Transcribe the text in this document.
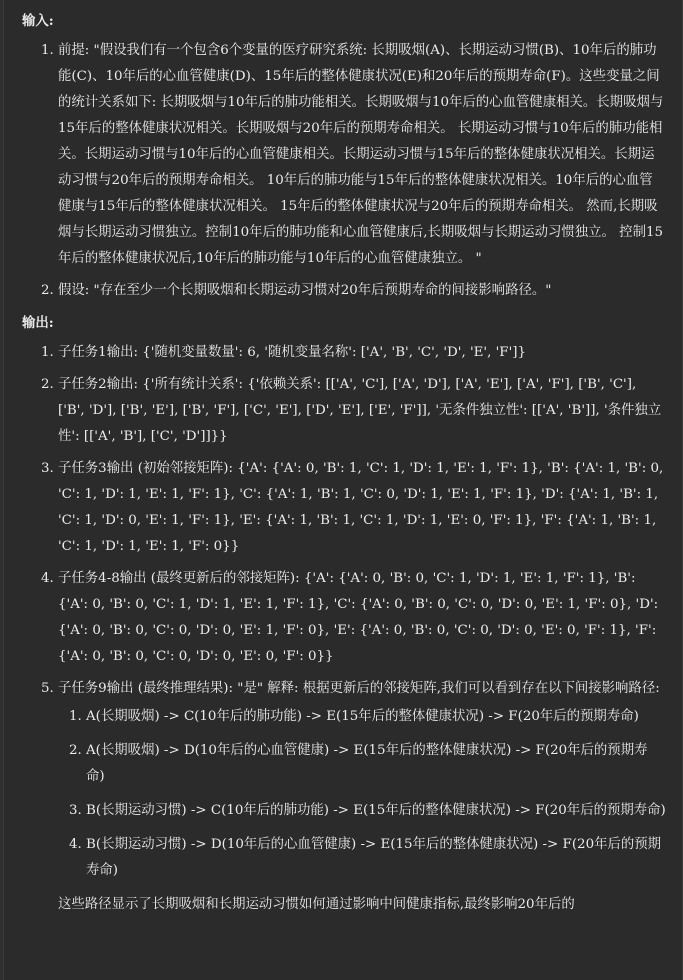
输入:
1. 前提: "假设我们有一个包含6个变量的医疗研究系统: 长期吸烟(A)、长期运动习惯(B)、10年后的肺功能(C)、10年后的心血管健康(D)、15年后的整体健康状况(E)和20年后的预期寿命(F)。这些变量之间的统计关系如下: 长期吸烟与10年后的肺功能相关。长期吸烟与10年后的心血管健康相关。长期吸烟与15年后的整体健康状况相关。长期吸烟与20年后的预期寿命相关。 长期运动习惯与10年后的肺功能相关。长期运动习惯与10年后的心血管健康相关。长期运动习惯与15年后的整体健康状况相关。长期运动习惯与20年后的预期寿命相关。 10年后的肺功能与15年后的整体健康状况相关。10年后的心血管健康与15年后的整体健康状况相关。 15年后的整体健康状况与20年后的预期寿命相关。 然而,长期吸烟与长期运动习惯独立。控制10年后的肺功能和心血管健康后,长期吸烟与长期运动习惯独立。 控制15年后的整体健康状况后,10年后的肺功能与10年后的心血管健康独立。 "
2. 假设: "存在至少一个长期吸烟和长期运动习惯对20年后预期寿命的间接影响路径。"
输出:
1. 子任务1输出: {'随机变量数量': 6, '随机变量名称': ['A', 'B', 'C', 'D', 'E', 'F']}
2. 子任务2输出: {'所有统计关系': {'依赖关系': [['A', 'C'], ['A', 'D'], ['A', 'E'], ['A', 'F'], ['B', 'C'], ['B', 'D'], ['B', 'E'], ['B', 'F'], ['C', 'E'], ['D', 'E'], ['E', 'F']], '无条件独立性': [['A', 'B']], '条件独立性': [['A', 'B'], ['C', 'D']]}}
3. 子任务3输出 (初始邻接矩阵): {'A': {'A': 0, 'B': 1, 'C': 1, 'D': 1, 'E': 1, 'F': 1}, 'B': {'A': 1, 'B': 0, 'C': 1, 'D': 1, 'E': 1, 'F': 1}, 'C': {'A': 1, 'B': 1, 'C': 0, 'D': 1, 'E': 1, 'F': 1}, 'D': {'A': 1, 'B': 1, 'C': 1, 'D': 0, 'E': 1, 'F': 1}, 'E': {'A': 1, 'B': 1, 'C': 1, 'D': 1, 'E': 0, 'F': 1}, 'F': {'A': 1, 'B': 1, 'C': 1, 'D': 1, 'E': 1, 'F': 0}}
4. 子任务4-8输出 (最终更新后的邻接矩阵): {'A': {'A': 0, 'B': 0, 'C': 1, 'D': 1, 'E': 1, 'F': 1}, 'B': {'A': 0, 'B': 0, 'C': 1, 'D': 1, 'E': 1, 'F': 1}, 'C': {'A': 0, 'B': 0, 'C': 0, 'D': 0, 'E': 1, 'F': 0}, 'D': {'A': 0, 'B': 0, 'C': 0, 'D': 0, 'E': 1, 'F': 0}, 'E': {'A': 0, 'B': 0, 'C': 0, 'D': 0, 'E': 0, 'F': 1}, 'F': {'A': 0, 'B': 0, 'C': 0, 'D': 0, 'E': 0, 'F': 0}}
5. 子任务9输出 (最终推理结果): "是" 解释: 根据更新后的邻接矩阵,我们可以看到存在以下间接影响路径:
1. A(长期吸烟) -> C(10年后的肺功能) -> E(15年后的整体健康状况) -> F(20年后的预期寿命)
2. A(长期吸烟) -> D(10年后的心血管健康) -> E(15年后的整体健康状况) -> F(20年后的预期寿命)
3. B(长期运动习惯) -> C(10年后的肺功能) -> E(15年后的整体健康状况) -> F(20年后的预期寿命)
4. B(长期运动习惯) -> D(10年后的心血管健康) -> E(15年后的整体健康状况) -> F(20年后的预期寿命)
这些路径显示了长期吸烟和长期运动习惯如何通过影响中间健康指标,最终影响20年后的
